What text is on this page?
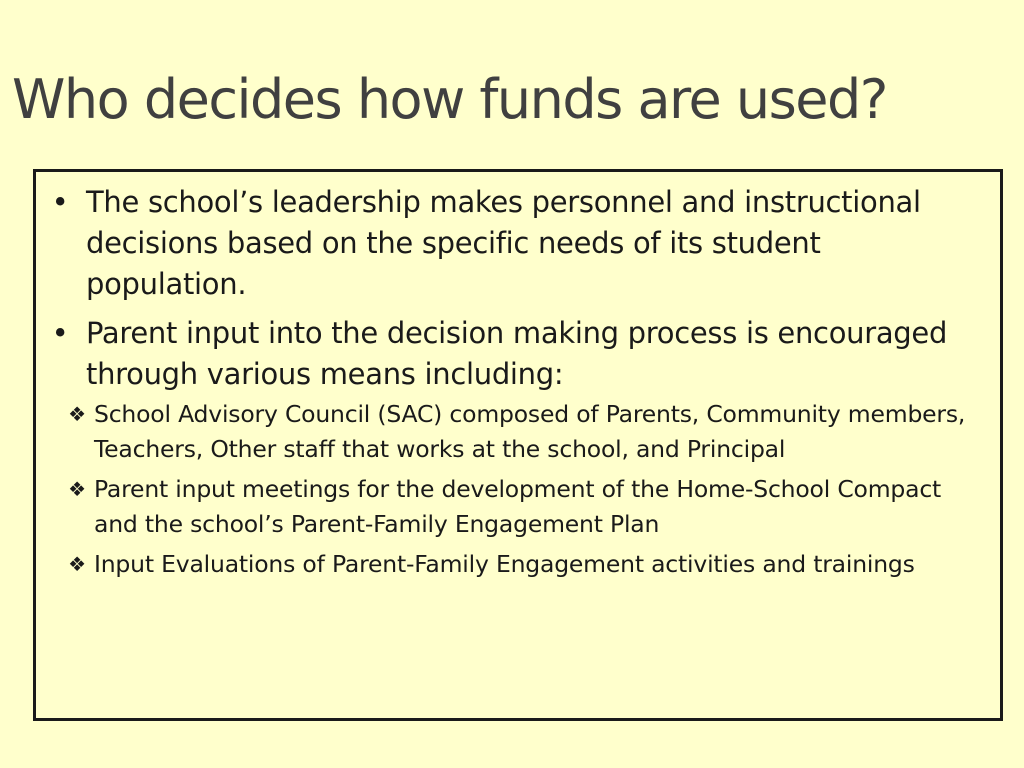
Who decides how funds are used?
• The school’s leadership makes personnel and instructional decisions based on the specific needs of its student population.
• Parent input into the decision making process is encouraged through various means including:
❖ School Advisory Council (SAC) composed of Parents, Community members, Teachers, Other staff that works at the school, and Principal
❖ Parent input meetings for the development of the Home-School Compact and the school’s Parent-Family Engagement Plan
❖ Input Evaluations of Parent-Family Engagement activities and trainings
